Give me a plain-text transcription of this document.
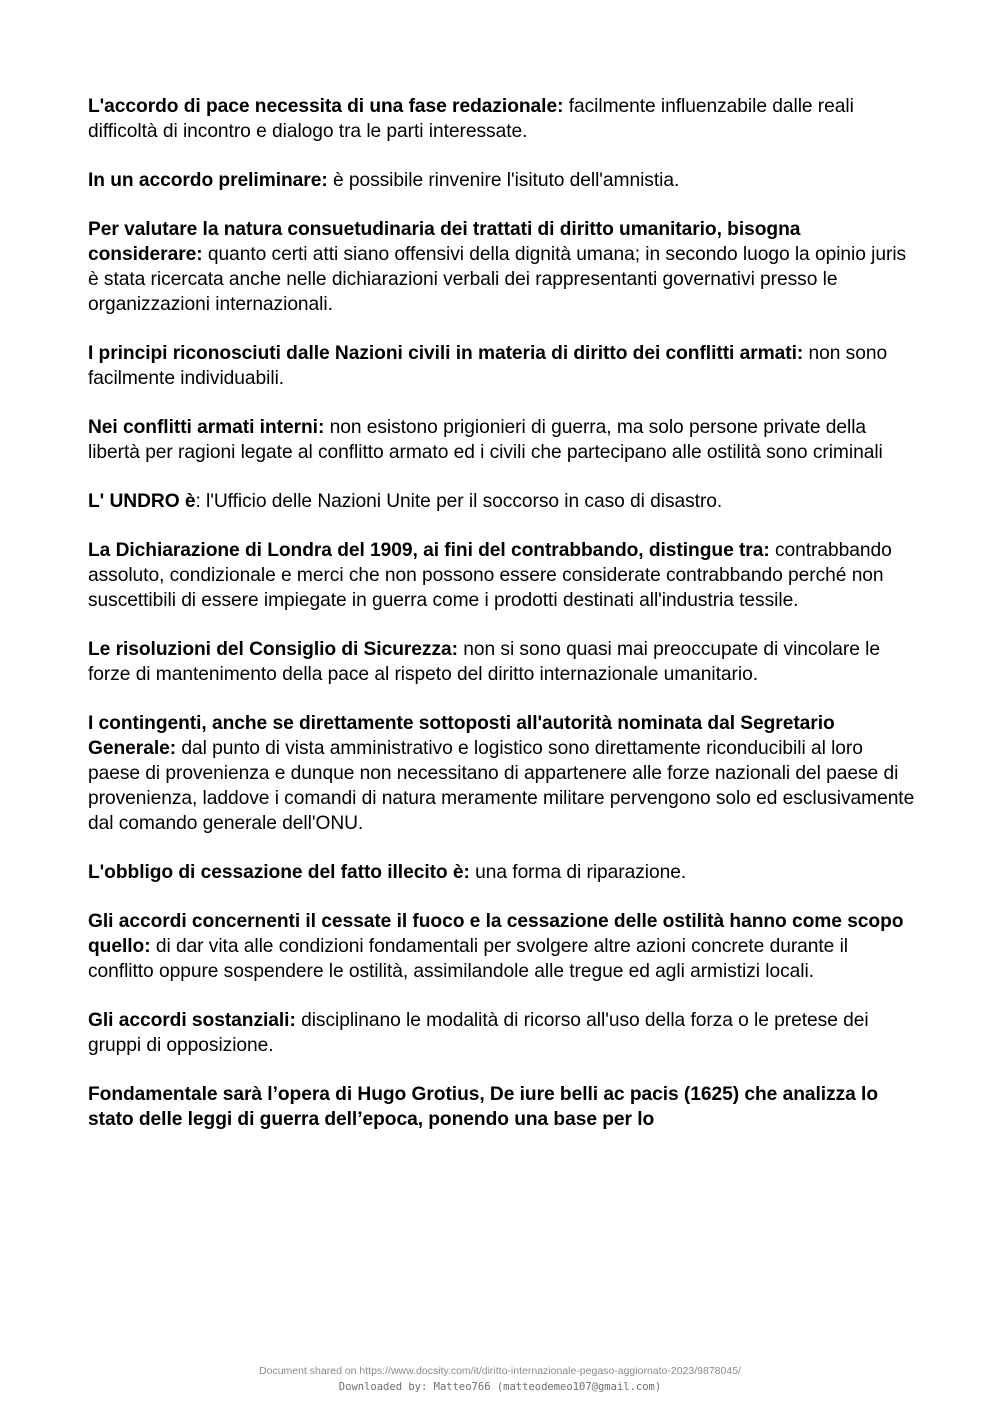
L'accordo di pace necessita di una fase redazionale: facilmente influenzabile dalle reali difficoltà di incontro e dialogo tra le parti interessate.

In un accordo preliminare: è possibile rinvenire l'isituto dell'amnistia.

Per valutare la natura consuetudinaria dei trattati di diritto umanitario, bisogna considerare: quanto certi atti siano offensivi della dignità umana; in secondo luogo la opinio juris è stata ricercata anche nelle dichiarazioni verbali dei rappresentanti governativi presso le organizzazioni internazionali.

I principi riconosciuti dalle Nazioni civili in materia di diritto dei conflitti armati: non sono facilmente individuabili.

Nei conflitti armati interni: non esistono prigionieri di guerra, ma solo persone private della libertà per ragioni legate al conflitto armato ed i civili che partecipano alle ostilità sono criminali

L' UNDRO è: l'Ufficio delle Nazioni Unite per il soccorso in caso di disastro.

La Dichiarazione di Londra del 1909, ai fini del contrabbando, distingue tra: contrabbando assoluto, condizionale e merci che non possono essere considerate contrabbando perché non suscettibili di essere impiegate in guerra come i prodotti destinati all'industria tessile.

Le risoluzioni del Consiglio di Sicurezza: non si sono quasi mai preoccupate di vincolare le forze di mantenimento della pace al rispeto del diritto internazionale umanitario.

I contingenti, anche se direttamente sottoposti all'autorità nominata dal Segretario Generale: dal punto di vista amministrativo e logistico sono direttamente riconducibili al loro paese di provenienza e dunque non necessitano di appartenere alle forze nazionali del paese di provenienza, laddove i comandi di natura meramente militare pervengono solo ed esclusivamente dal comando generale dell'ONU.

L'obbligo di cessazione del fatto illecito è: una forma di riparazione.

Gli accordi concernenti il cessate il fuoco e la cessazione delle ostilità hanno come scopo quello: di dar vita alle condizioni fondamentali per svolgere altre azioni concrete durante il conflitto oppure sospendere le ostilità, assimilandole alle tregue ed agli armistizi locali.

Gli accordi sostanziali: disciplinano le modalità di ricorso all'uso della forza o le pretese dei gruppi di opposizione.

Fondamentale sarà l’opera di Hugo Grotius, De iure belli ac pacis (1625) che analizza lo stato delle leggi di guerra dell’epoca, ponendo una base per lo

Document shared on https://www.docsity.com/it/diritto-internazionale-pegaso-aggiornato-2023/9878045/
Downloaded by: Matteo766 (matteodemeo107@gmail.com)
